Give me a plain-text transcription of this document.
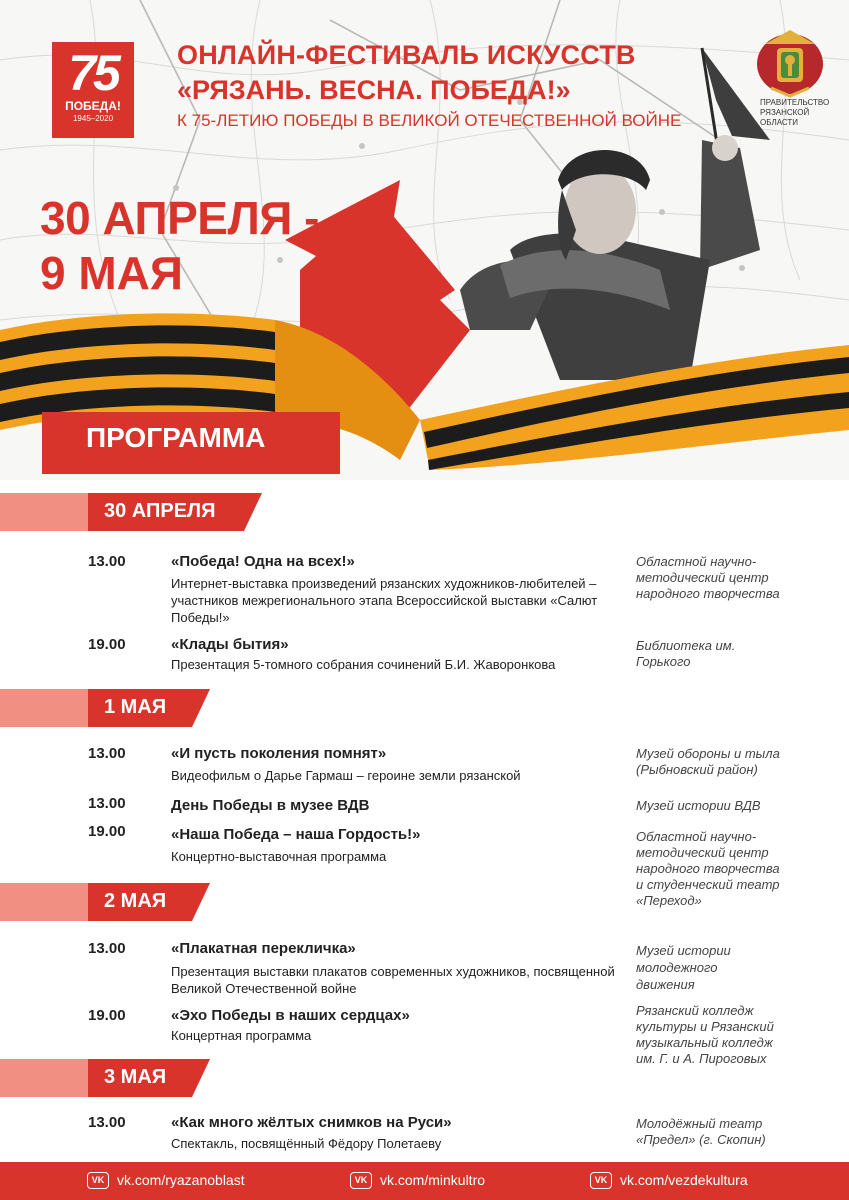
75
ПОБЕДА!
1945–2020
ОНЛАЙН-ФЕСТИВАЛЬ ИСКУССТВ
«РЯЗАНЬ. ВЕСНА. ПОБЕДА!»
К 75-ЛЕТИЮ ПОБЕДЫ В ВЕЛИКОЙ ОТЕЧЕСТВЕННОЙ ВОЙНЕ
ПРАВИТЕЛЬСТВО РЯЗАНСКОЙ ОБЛАСТИ
30 АПРЕЛЯ -
9 МАЯ
ПРОГРАММА
30 АПРЕЛЯ
13.00	«Победа! Одна на всех!»
Интернет-выставка произведений рязанских художников-любителей – участников межрегионального этапа Всероссийской выставки «Салют Победы!»
Областной научно-методический центр народного творчества
19.00	«Клады бытия»
Презентация 5-томного собрания сочинений Б.И. Жаворонкова
Библиотека им. Горького
1 МАЯ
13.00	«И пусть поколения помнят»
Видеофильм о Дарье Гармаш – героине земли рязанской
Музей обороны и тыла (Рыбновский район)
13.00	День Победы в музее ВДВ	Музей истории ВДВ
19.00	«Наша Победа – наша Гордость!»
Концертно-выставочная программа
Областной научно-методический центр народного творчества и студенческий театр «Переход»
2 МАЯ
13.00	«Плакатная перекличка»
Презентация выставки плакатов современных художников, посвященной Великой Отечественной войне
Музей истории молодежного движения
19.00	«Эхо Победы в наших сердцах»
Концертная программа
Рязанский колледж культуры и Рязанский музыкальный колледж им. Г. и А. Пироговых
3 МАЯ
13.00	«Как много жёлтых снимков на Руси»
Спектакль, посвящённый Фёдору Полетаеву
Молодёжный театр «Предел» (г. Скопин)
VK vk.com/ryazanoblast	VK vk.com/minkultro	VK vk.com/vezdekultura
